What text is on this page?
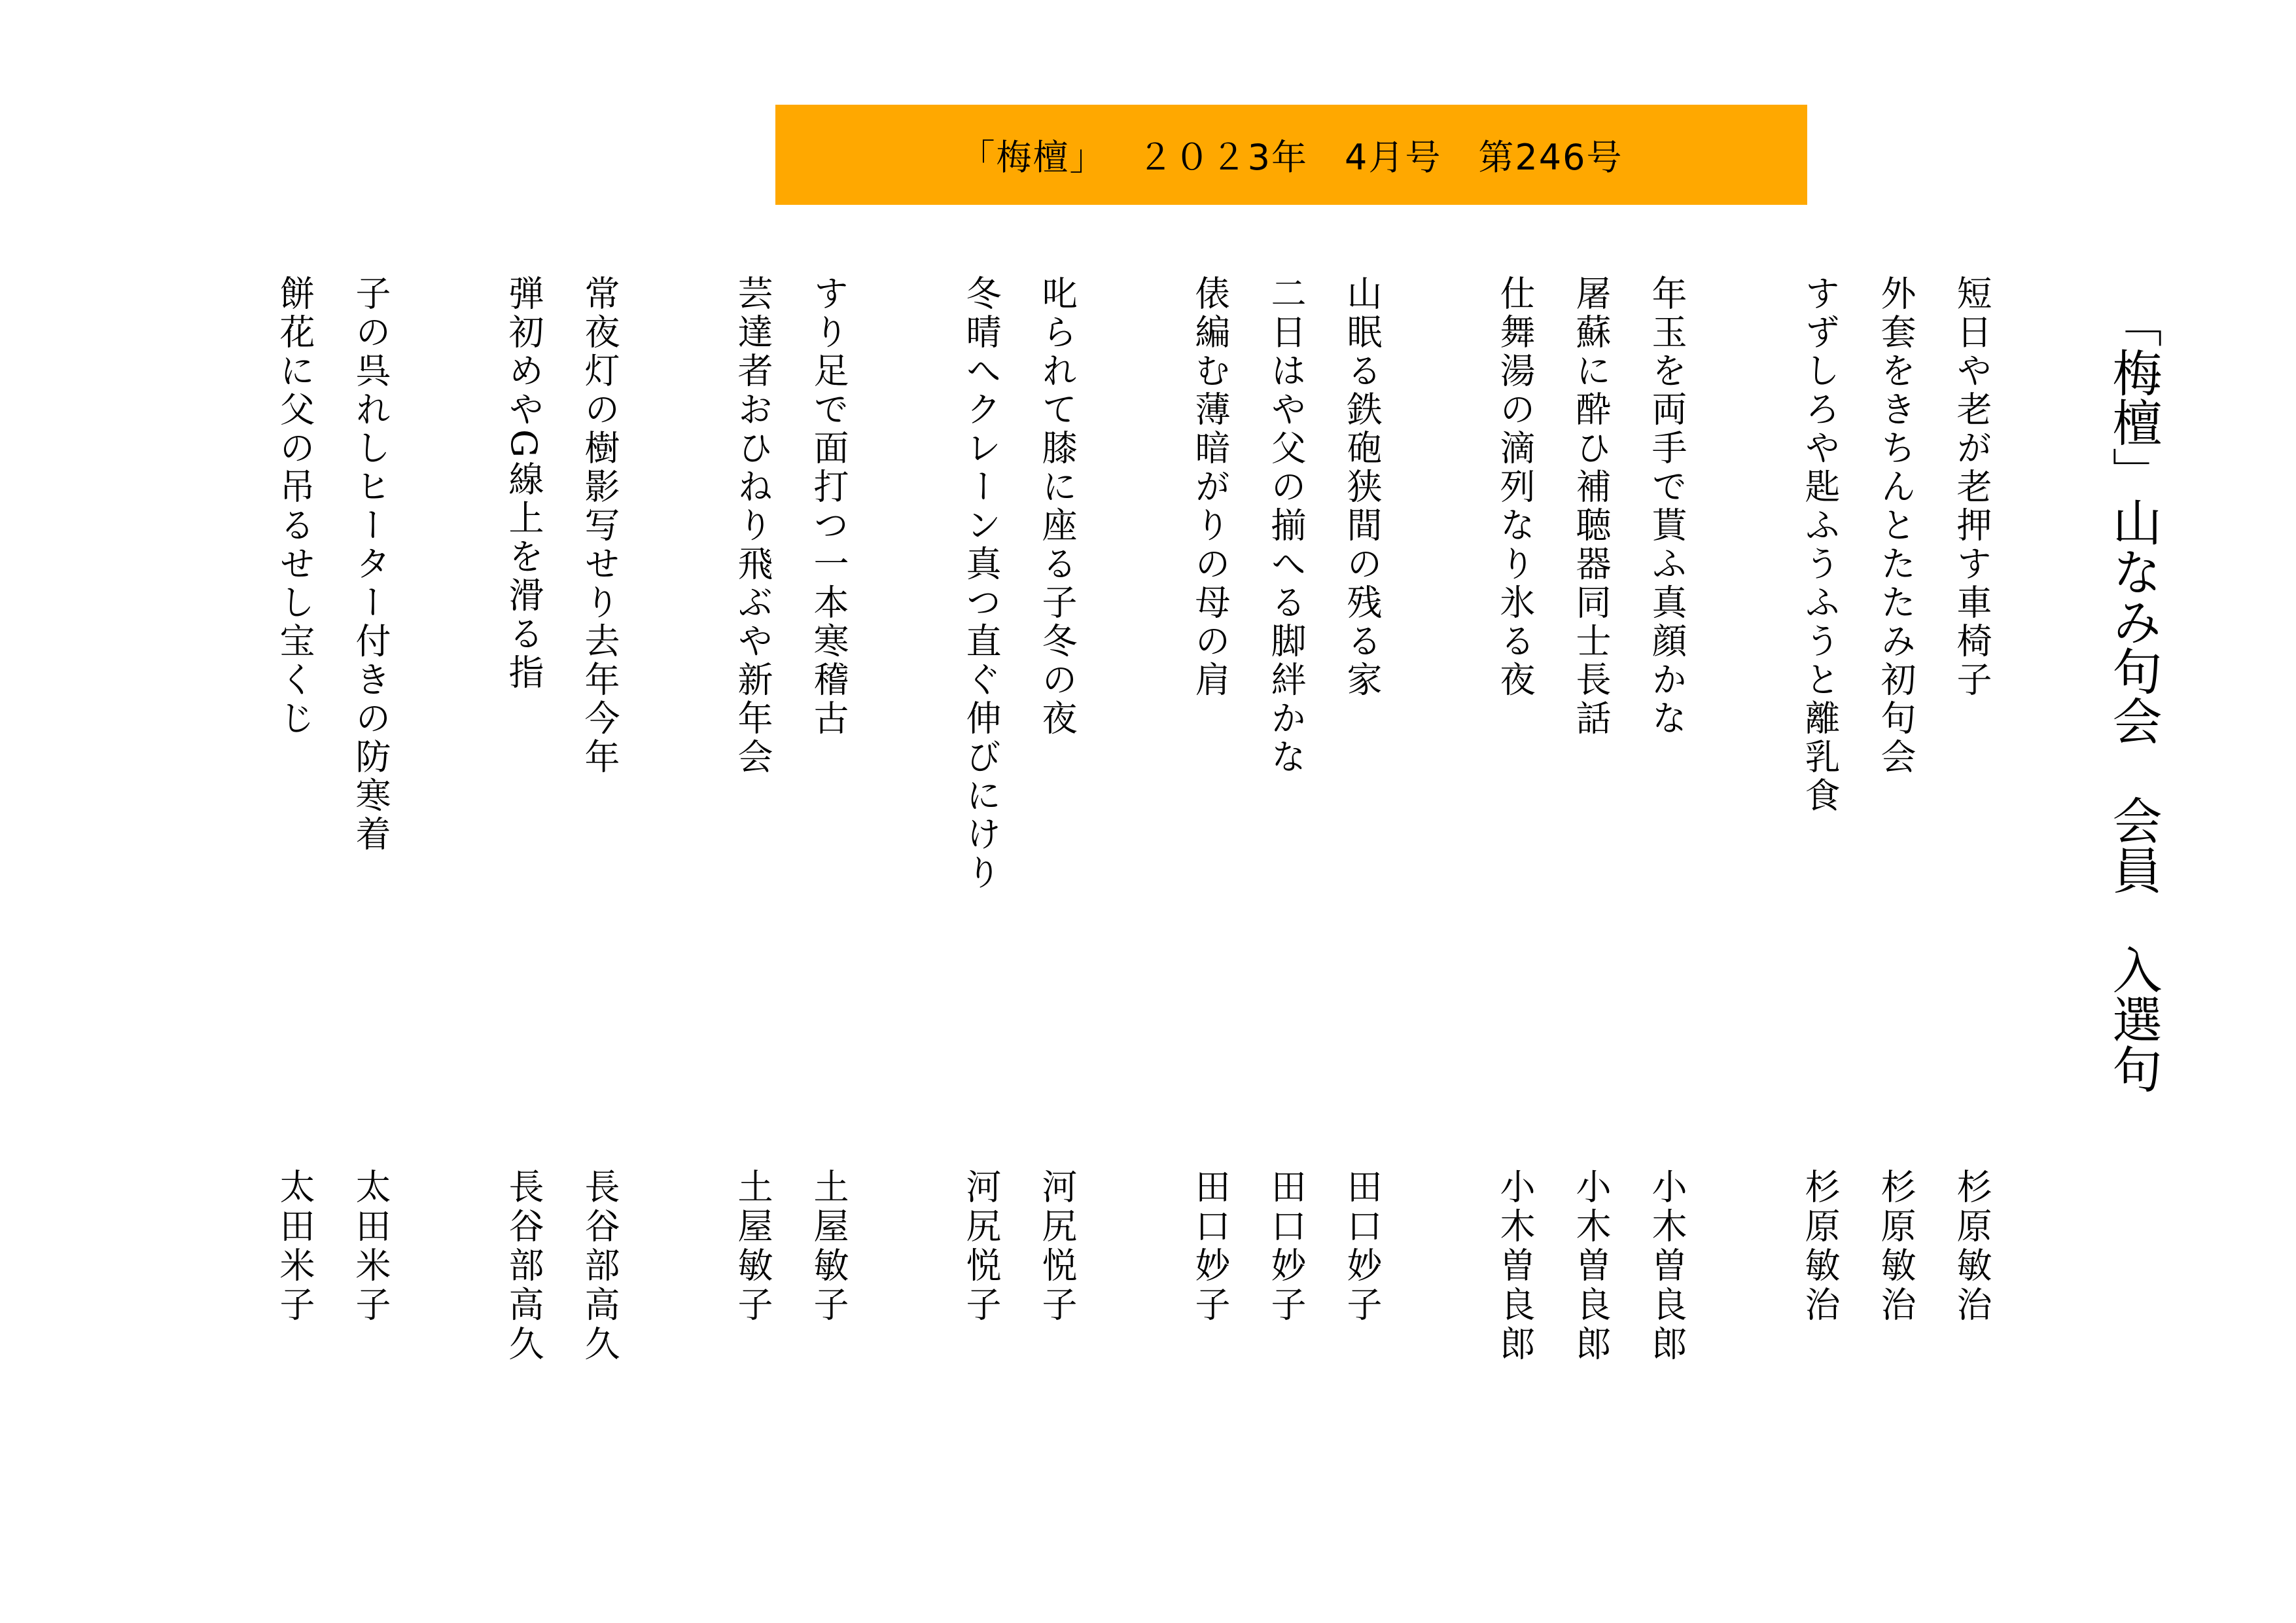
「梅檀」　 ２０２3年　4月号　第246号
「梅檀」山なみ句会　会員　入選句
短日や老が老押す車椅子
外套をきちんとたたみ初句会
すずしろや匙ふうふうと離乳食
年玉を両手で貰ふ真顔かな
屠蘇に酔ひ補聴器同士長話
仕舞湯の滴列なり氷る夜
山眠る鉄砲狭間の残る家
二日はや父の揃へる脚絆かな
俵編む薄暗がりの母の肩
叱られて膝に座る子冬の夜
冬晴へクレーン真つ直ぐ伸びにけり
すり足で面打つ一本寒稽古
芸達者おひねり飛ぶや新年会
常夜灯の樹影写せり去年今年
弾初めやG線上を滑る指
子の呉れしヒーター付きの防寒着
餅花に父の吊るせし宝くじ
杉原敏治
杉原敏治
杉原敏治
小木曽良郎
小木曽良郎
小木曽良郎
田口妙子
田口妙子
田口妙子
河尻悦子
河尻悦子
土屋敏子
土屋敏子
長谷部高久
長谷部高久
太田米子
太田米子
